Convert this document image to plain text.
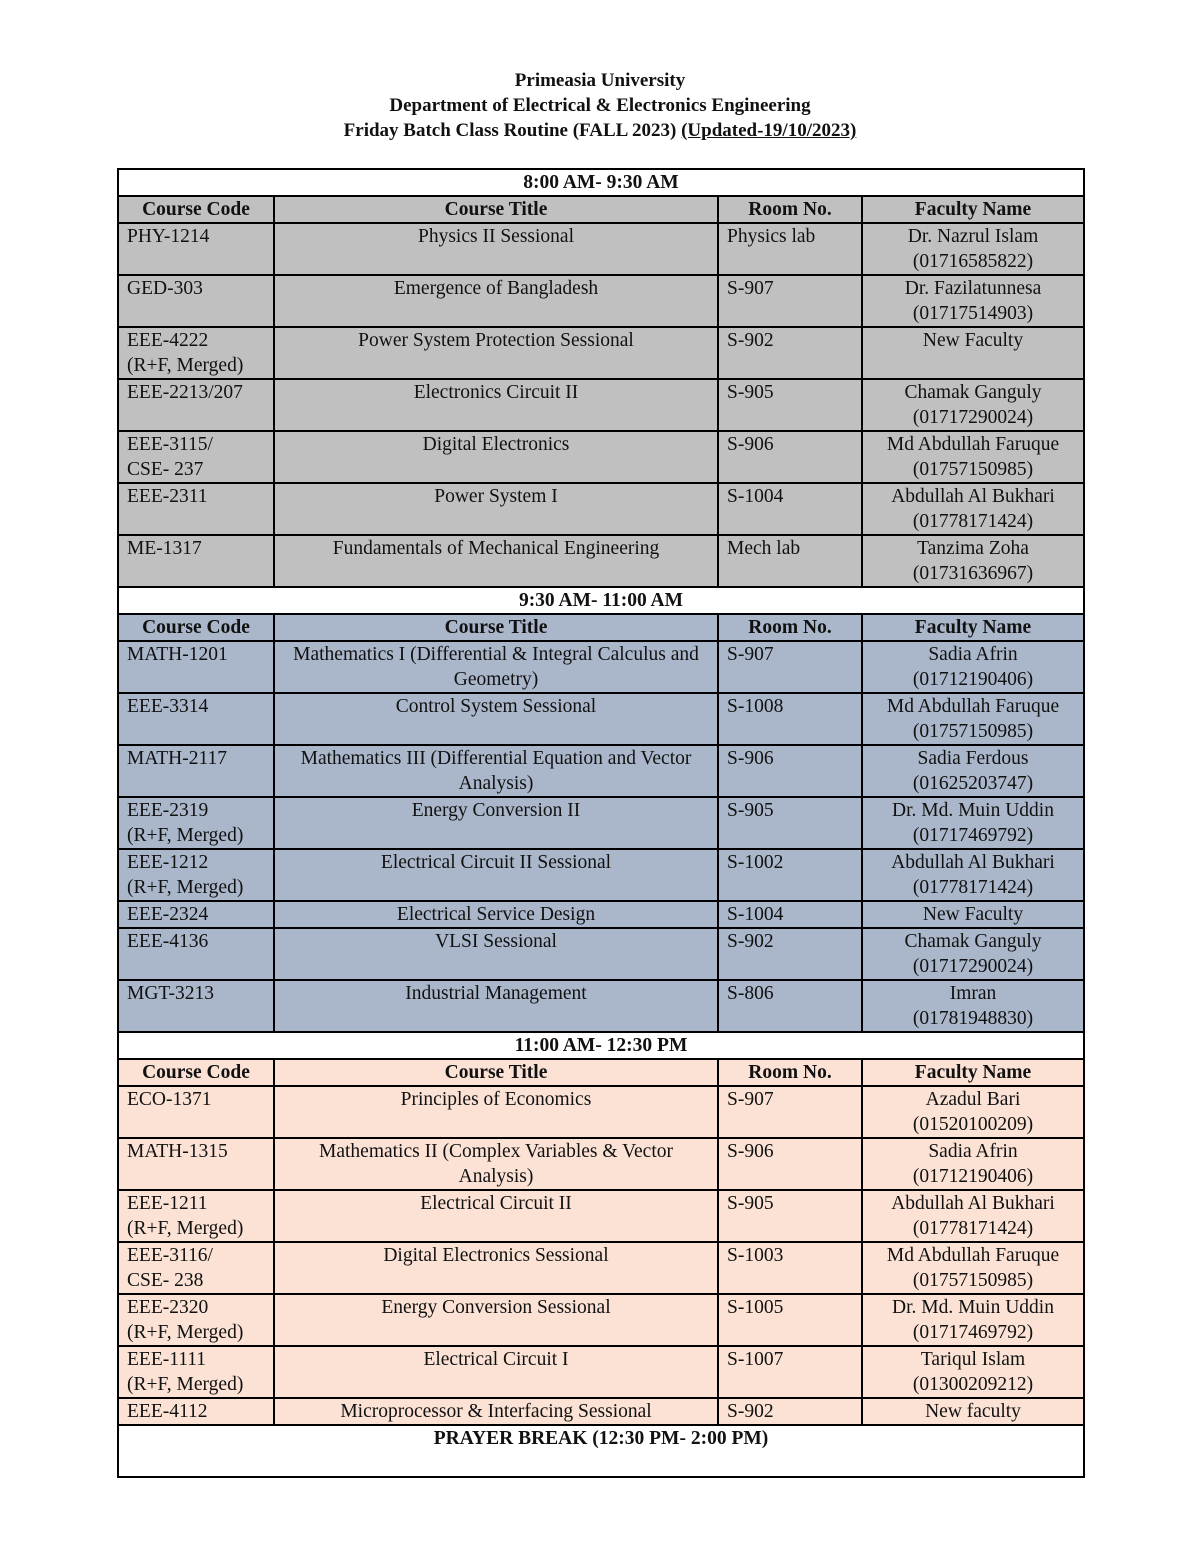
Primeasia University
Department of Electrical & Electronics Engineering
Friday Batch Class Routine (FALL 2023) (Updated-19/10/2023)
8:00 AM- 9:30 AM			
Course Code	Course Title	Room No.	Faculty Name

PHY-1214	Physics II Sessional	Physics lab	Dr. Nazrul Islam
(01716585822)

GED-303	Emergence of Bangladesh	S-907	Dr. Fazilatunnesa
(01717514903)

EEE-4222
(R+F, Merged)	Power System Protection Sessional	S-902	New Faculty

EEE-2213/207	Electronics Circuit II	S-905	Chamak Ganguly
(01717290024)

EEE-3115/
CSE- 237	Digital Electronics	S-906	Md Abdullah Faruque
(01757150985)

EEE-2311	Power System I	S-1004	Abdullah Al Bukhari
(01778171424)

ME-1317	Fundamentals of Mechanical Engineering	Mech lab	Tanzima Zoha
(01731636967)

9:30 AM- 11:00 AM			
Course Code	Course Title	Room No.	Faculty Name

MATH-1201	Mathematics I (Differential & Integral Calculus and Geometry)	S-907	Sadia Afrin
(01712190406)

EEE-3314	Control System Sessional	S-1008	Md Abdullah Faruque
(01757150985)

MATH-2117	Mathematics III (Differential Equation and Vector Analysis)	S-906	Sadia Ferdous
(01625203747)

EEE-2319
(R+F, Merged)	Energy Conversion II	S-905	Dr. Md. Muin Uddin
(01717469792)

EEE-1212
(R+F, Merged)	Electrical Circuit II Sessional	S-1002	Abdullah Al Bukhari
(01778171424)

EEE-2324	Electrical Service Design	S-1004	New Faculty

EEE-4136	VLSI Sessional	S-902	Chamak Ganguly
(01717290024)

MGT-3213	Industrial Management	S-806	Imran
(01781948830)

11:00 AM- 12:30 PM			
Course Code	Course Title	Room No.	Faculty Name

ECO-1371	Principles of Economics	S-907	Azadul Bari
(01520100209)

MATH-1315	Mathematics II (Complex Variables & Vector Analysis)	S-906	Sadia Afrin
(01712190406)

EEE-1211
(R+F, Merged)	Electrical Circuit II	S-905	Abdullah Al Bukhari
(01778171424)

EEE-3116/
CSE- 238	Digital Electronics Sessional	S-1003	Md Abdullah Faruque
(01757150985)

EEE-2320
(R+F, Merged)	Energy Conversion Sessional	S-1005	Dr. Md. Muin Uddin
(01717469792)

EEE-1111
(R+F, Merged)	Electrical Circuit I	S-1007	Tariqul Islam
(01300209212)

EEE-4112	Microprocessor & Interfacing Sessional	S-902	New faculty

PRAYER BREAK (12:30 PM- 2:00 PM)			
